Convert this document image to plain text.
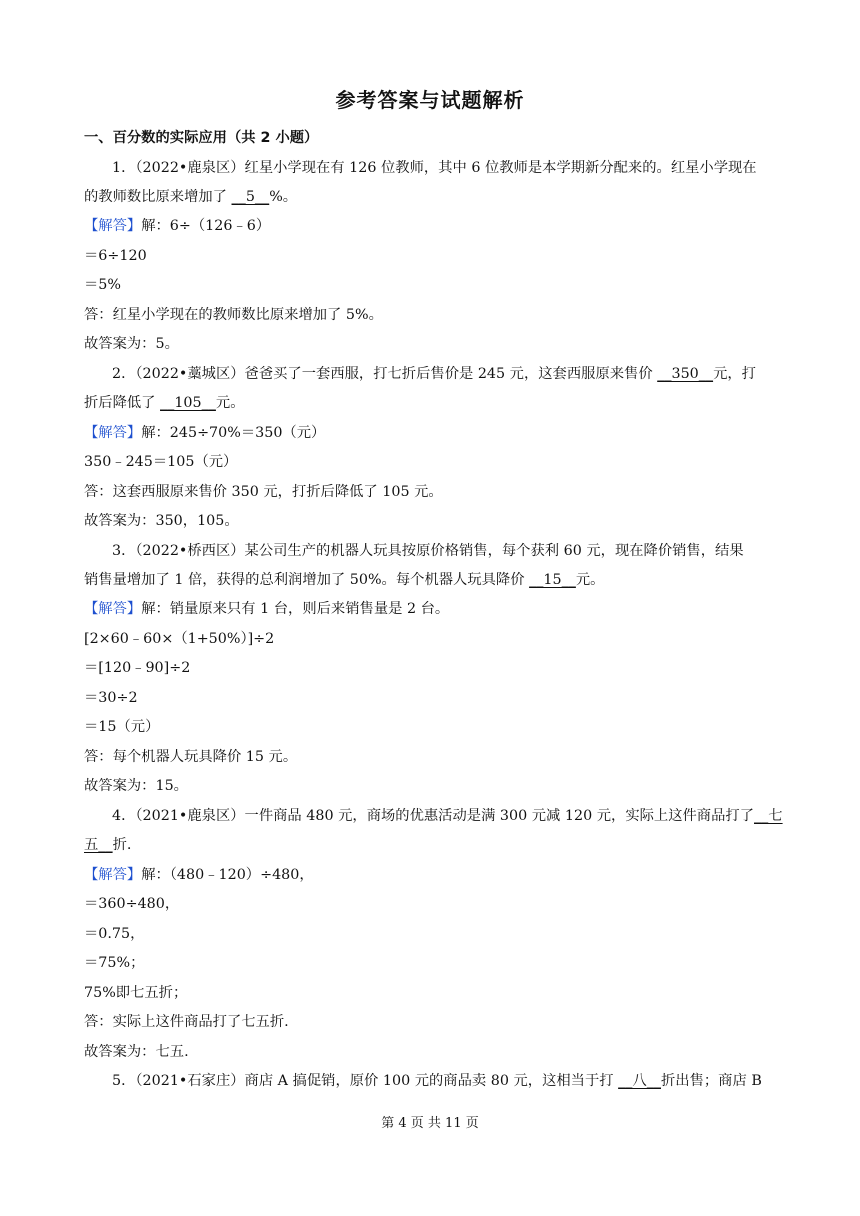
参考答案与试题解析
一、百分数的实际应用（共 2 小题）
1．（2022•鹿泉区）红星小学现在有 126 位教师，其中 6 位教师是本学期新分配来的。红星小学现在
的教师数比原来增加了 __5__%。
【解答】解：6÷（126﹣6）
＝6÷120
＝5%
答：红星小学现在的教师数比原来增加了 5%。
故答案为：5。
2．（2022•藁城区）爸爸买了一套西服，打七折后售价是 245 元，这套西服原来售价 __350__元，打
折后降低了 __105__元。
【解答】解：245÷70%＝350（元）
350﹣245＝105（元）
答：这套西服原来售价 350 元，打折后降低了 105 元。
故答案为：350，105。
3．（2022•桥西区）某公司生产的机器人玩具按原价格销售，每个获利 60 元，现在降价销售，结果
销售量增加了 1 倍，获得的总利润增加了 50%。每个机器人玩具降价 __15__元。
【解答】解：销量原来只有 1 台，则后来销售量是 2 台。
[2×60﹣60×（1+50%）]÷2
＝[120﹣90]÷2
＝30÷2
＝15（元）
答：每个机器人玩具降价 15 元。
故答案为：15。
4．（2021•鹿泉区）一件商品 480 元，商场的优惠活动是满 300 元减 120 元，实际上这件商品打了__七
五__折.
【解答】解：（480﹣120）÷480，
＝360÷480，
＝0.75，
＝75%；
75%即七五折；
答：实际上这件商品打了七五折.
故答案为：七五.
5．（2021•石家庄）商店 A 搞促销，原价 100 元的商品卖 80 元，这相当于打 __八__折出售；商店 B
第 4 页 共 11 页
